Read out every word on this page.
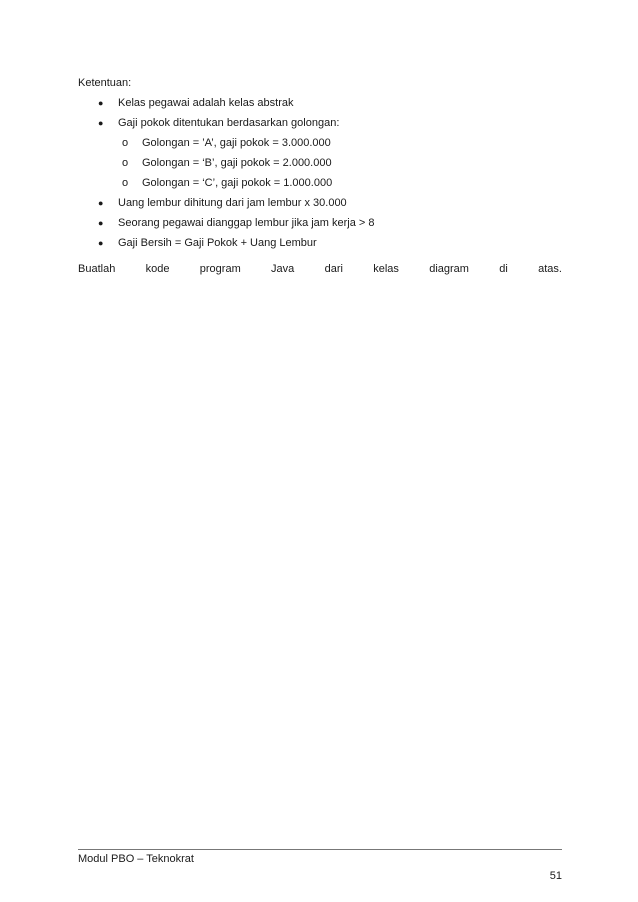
Ketentuan:

● Kelas pegawai adalah kelas abstrak
● Gaji pokok ditentukan berdasarkan golongan:
o Golongan = ’A’, gaji pokok = 3.000.000
o Golongan = ‘B’, gaji pokok = 2.000.000
o Golongan = ‘C’, gaji pokok = 1.000.000
● Uang lembur dihitung dari jam lembur x 30.000
● Seorang pegawai dianggap lembur jika jam kerja > 8
● Gaji Bersih = Gaji Pokok + Uang Lembur
Buatlah	kode	program	Java	dari	kelas	diagram	di	atas.
Modul PBO – Teknokrat
51
